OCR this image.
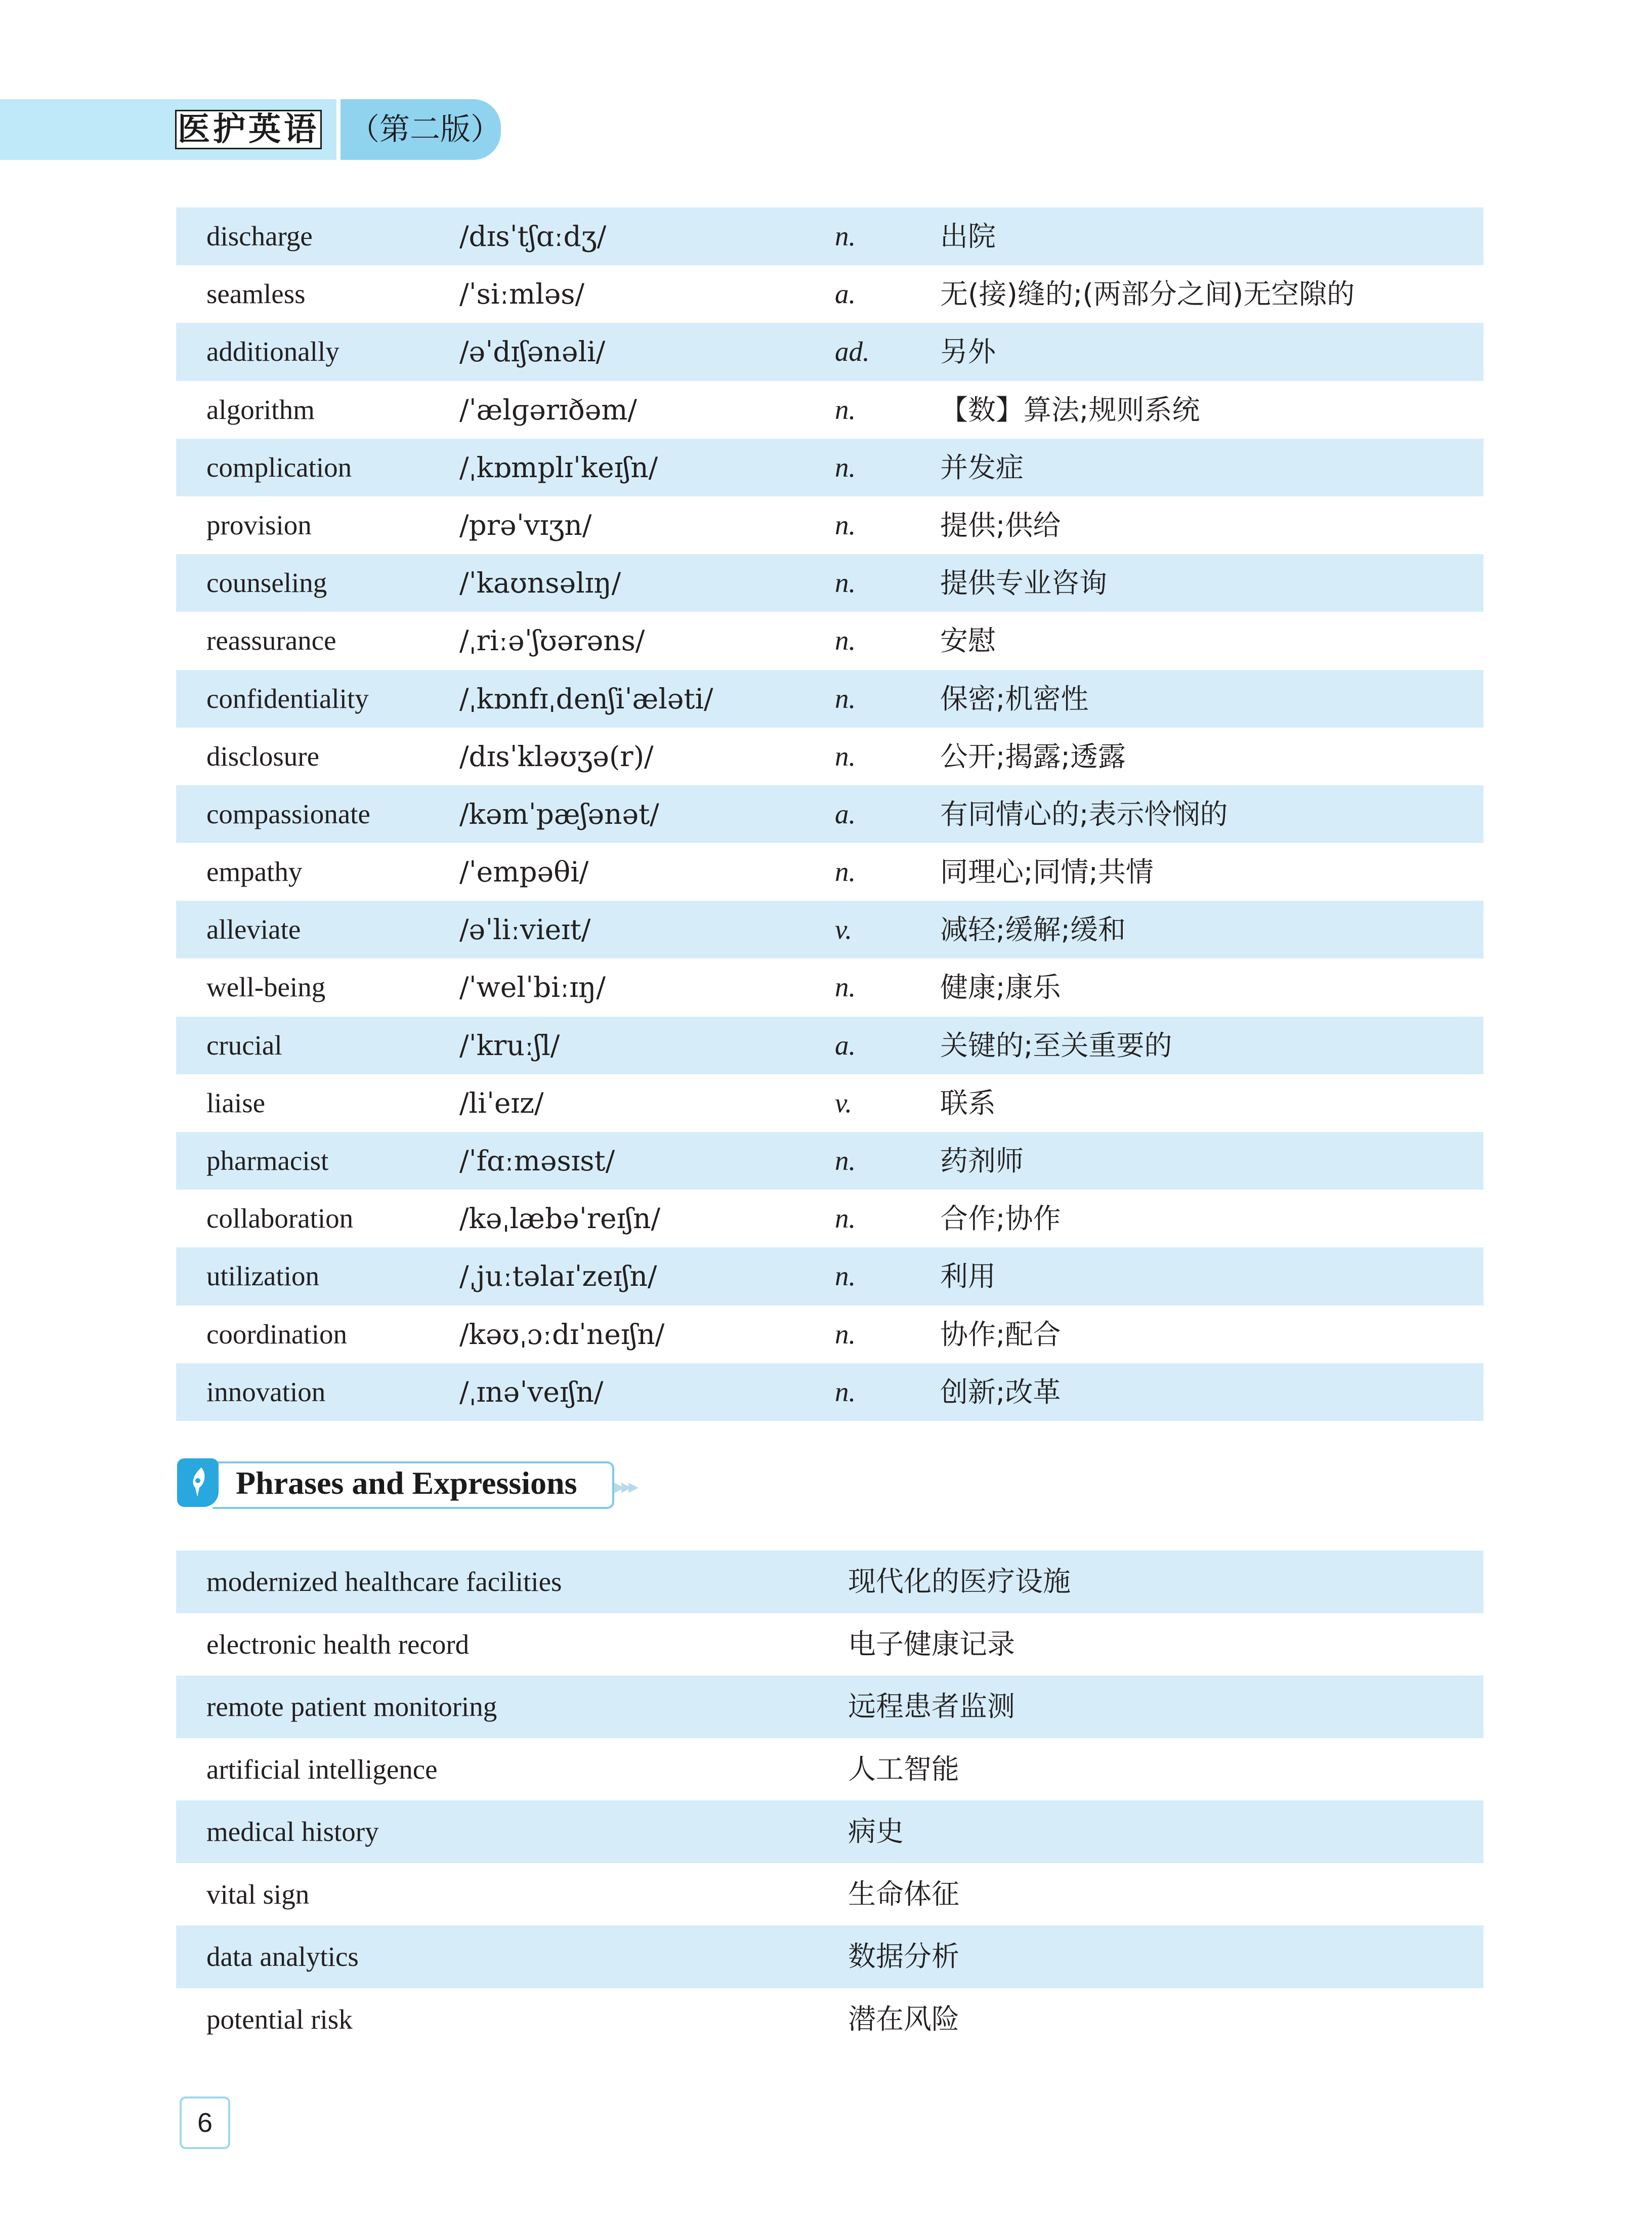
医护英语 （第二版）
discharge	/dɪsˈtʃɑːdʒ/	n.	出院
seamless	/ˈsiːmləs/	a.	无(接)缝的;(两部分之间)无空隙的
additionally	/əˈdɪʃənəli/	ad.	另外
algorithm	/ˈælɡərɪðəm/	n.	【数】算法;规则系统
complication	/ˌkɒmplɪˈkeɪʃn/	n.	并发症
provision	/prəˈvɪʒn/	n.	提供;供给
counseling	/ˈkaʊnsəlɪŋ/	n.	提供专业咨询
reassurance	/ˌriːəˈʃʊərəns/	n.	安慰
confidentiality	/ˌkɒnfɪˌdenʃiˈæləti/	n.	保密;机密性
disclosure	/dɪsˈkləʊʒə(r)/	n.	公开;揭露;透露
compassionate	/kəmˈpæʃənət/	a.	有同情心的;表示怜悯的
empathy	/ˈempəθi/	n.	同理心;同情;共情
alleviate	/əˈliːvieɪt/	v.	减轻;缓解;缓和
well-being	/ˈwelˈbiːɪŋ/	n.	健康;康乐
crucial	/ˈkruːʃl/	a.	关键的;至关重要的
liaise	/liˈeɪz/	v.	联系
pharmacist	/ˈfɑːməsɪst/	n.	药剂师
collaboration	/kəˌlæbəˈreɪʃn/	n.	合作;协作
utilization	/ˌjuːtəlaɪˈzeɪʃn/	n.	利用
coordination	/kəʊˌɔːdɪˈneɪʃn/	n.	协作;配合
innovation	/ˌɪnəˈveɪʃn/	n.	创新;改革
Phrases and Expressions	▶▶▶
modernized healthcare facilities	现代化的医疗设施
electronic health record	电子健康记录
remote patient monitoring	远程患者监测
artificial intelligence	人工智能
medical history	病史
vital sign	生命体征
data analytics	数据分析
potential risk	潜在风险
6
